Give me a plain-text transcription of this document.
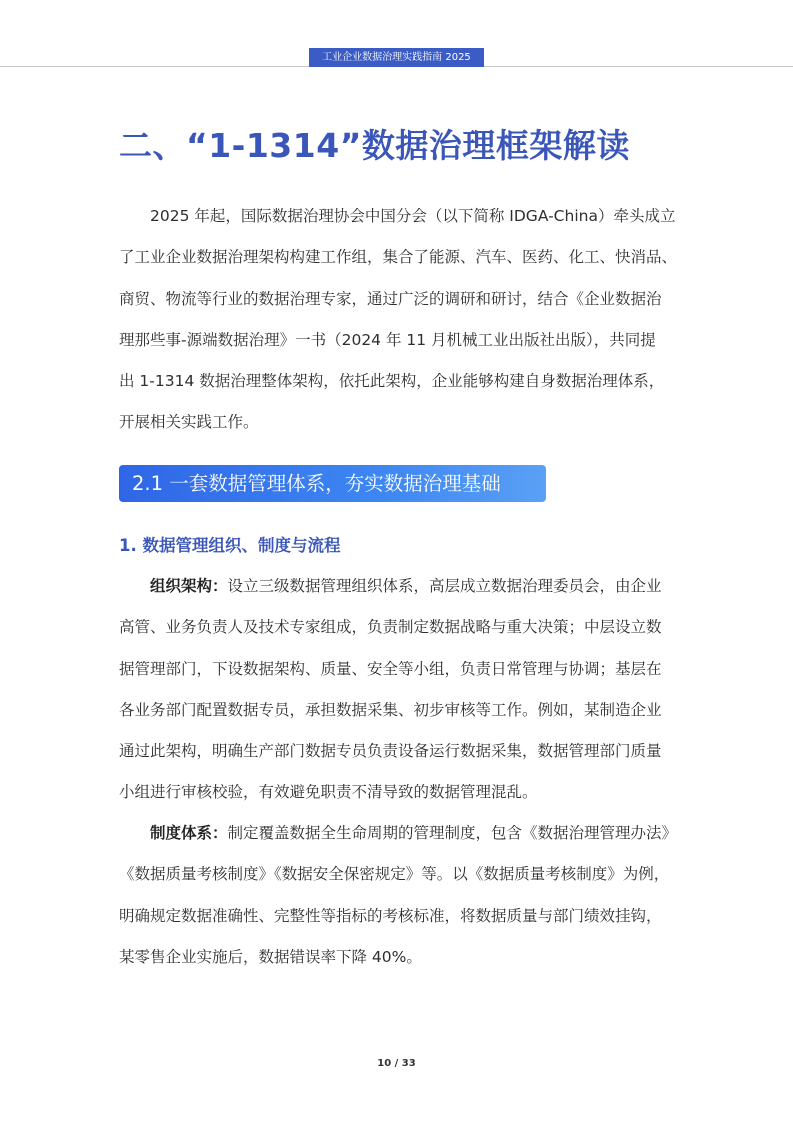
工业企业数据治理实践指南 2025
二、“1-1314”数据治理框架解读
2025 年起，国际数据治理协会中国分会（以下简称 IDGA-China）牵头成立
了工业企业数据治理架构构建工作组，集合了能源、汽车、医药、化工、快消品、
商贸、物流等行业的数据治理专家，通过广泛的调研和研讨，结合《企业数据治
理那些事-源端数据治理》一书（2024 年 11 月机械工业出版社出版），共同提
出 1-1314 数据治理整体架构，依托此架构，企业能够构建自身数据治理体系，
开展相关实践工作。
2.1 一套数据管理体系，夯实数据治理基础
1. 数据管理组织、制度与流程
组织架构：设立三级数据管理组织体系，高层成立数据治理委员会，由企业
高管、业务负责人及技术专家组成，负责制定数据战略与重大决策；中层设立数
据管理部门，下设数据架构、质量、安全等小组，负责日常管理与协调；基层在
各业务部门配置数据专员，承担数据采集、初步审核等工作。例如，某制造企业
通过此架构，明确生产部门数据专员负责设备运行数据采集，数据管理部门质量
小组进行审核校验，有效避免职责不清导致的数据管理混乱。
制度体系：制定覆盖数据全生命周期的管理制度，包含《数据治理管理办法》
《数据质量考核制度》《数据安全保密规定》等。以《数据质量考核制度》为例，
明确规定数据准确性、完整性等指标的考核标准，将数据质量与部门绩效挂钩，
某零售企业实施后，数据错误率下降 40%。
10 / 33
